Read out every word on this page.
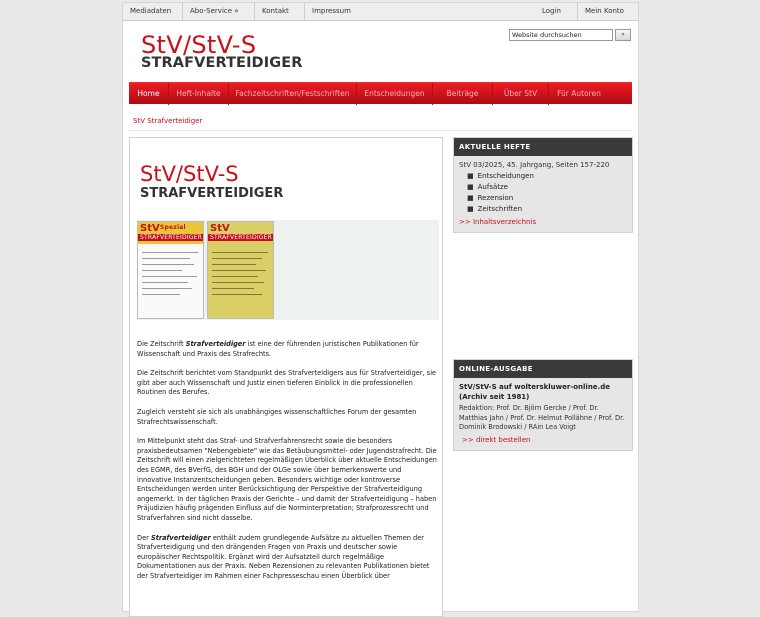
Mediadaten	Abo-Service »	Kontakt	Impressum	Login	Mein Konto
StV/StV-S
STRAFVERTEIDIGER
Website durchsuchen
»
Home	Heft-Inhalte	Fachzeitschriften/Festschriften	Entscheidungen	Beiträge	Über StV	Für Autoren
StV Strafverteidiger
StV/StV-S
STRAFVERTEIDIGER
StV Spezial
STRAFVERTEIDIGER
StV
STRAFVERTEIDIGER

Die Zeitschrift Strafverteidiger ist eine der führenden juristischen Publikationen für Wissenschaft und Praxis des Strafrechts.

Die Zeitschrift berichtet vom Standpunkt des Strafverteidigers aus für Strafverteidiger, sie gibt aber auch Wissenschaft und Justiz einen tieferen Einblick in die professionellen Routinen des Berufes.

Zugleich versteht sie sich als unabhängiges wissenschaftliches Forum der gesamten Strafrechtswissenschaft.

Im Mittelpunkt steht das Straf- und Strafverfahrensrecht sowie die besonders praxisbedeutsamen "Nebengebiete" wie das Betäubungsmittel- oder Jugendstrafrecht. Die Zeitschrift will einen zielgerichteten regelmäßigen Überblick über aktuelle Entscheidungen des EGMR, des BVerfG, des BGH und der OLGe sowie über bemerkenswerte und innovative Instanzentscheidungen geben. Besonders wichtige oder kontroverse Entscheidungen werden unter Berücksichtigung der Perspektive der Strafverteidigung angemerkt. In der täglichen Praxis der Gerichte – und damit der Strafverteidigung – haben Präjudizien häufig prägenden Einfluss auf die Norminterpretation; Strafprozessrecht und Strafverfahren sind nicht dasselbe.

Der Strafverteidiger enthält zudem grundlegende Aufsätze zu aktuellen Themen der Strafverteidigung und den drängenden Fragen von Praxis und deutscher sowie europäischer Rechtspolitik. Ergänzt wird der Aufsatzteil durch regelmäßige Dokumentationen aus der Praxis. Neben Rezensionen zu relevanten Publikationen bietet der Strafverteidiger im Rahmen einer Fachpresseschau einen Überblick über

AKTUELLE HEFTE
StV 03/2025, 45. Jahrgang, Seiten 157-220
■ Entscheidungen
■ Aufsätze
■ Rezension
■ Zeitschriften
>> Inhaltsverzeichnis
ONLINE-AUSGABE
StV/StV-S auf wolterskluwer-online.de (Archiv seit 1981)
Redaktion: Prof. Dr. Björn Gercke / Prof. Dr. Matthias Jahn / Prof. Dr. Helmut Pollähne / Prof. Dr. Dominik Brodowski / RAin Lea Voigt
>> direkt bestellen
